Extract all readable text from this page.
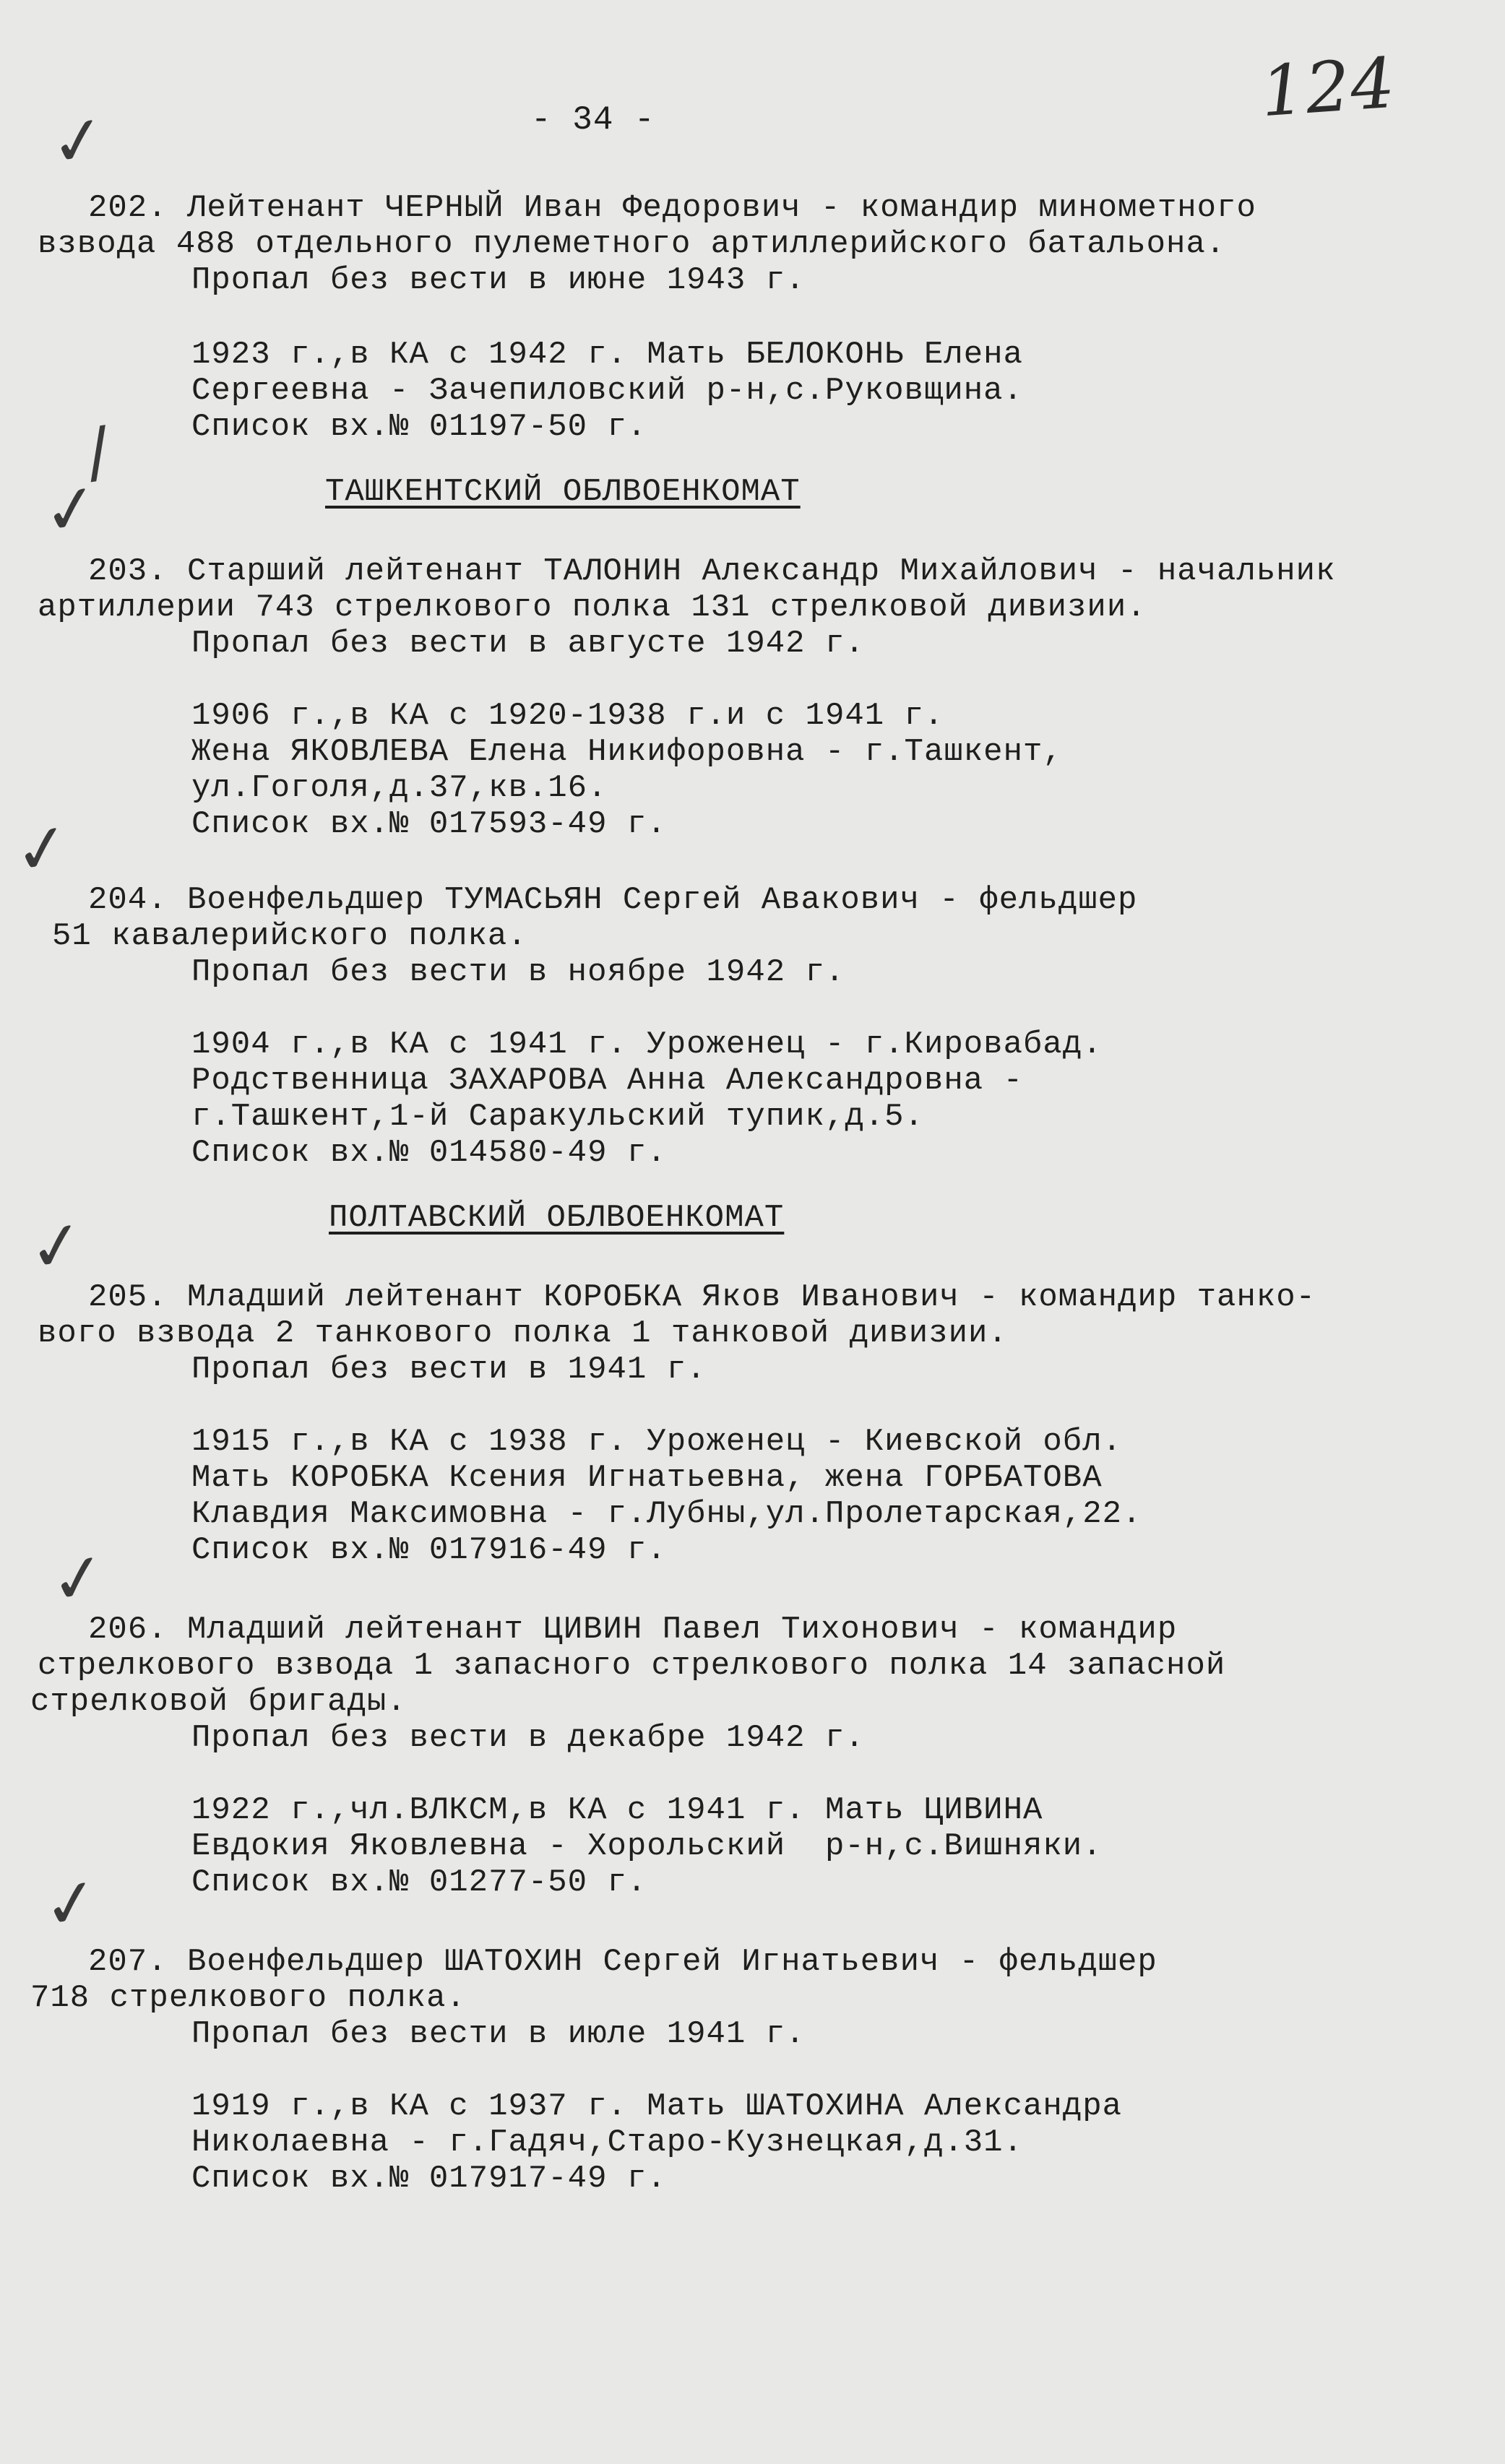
- 34 -	124
✓
/
✓
✓
✓
✓
✓
202. Лейтенант ЧЕРНЫЙ Иван Федорович - командир минометного
взвода 488 отдельного пулеметного артиллерийского батальона.
Пропал без вести в июне 1943 г.
1923 г.,в КА с 1942 г. Мать БЕЛОКОНЬ Елена
Сергеевна - Зачепиловский р-н,с.Руковщина.
Список вх.№ 01197-50 г.
ТАШКЕНТСКИЙ ОБЛВОЕНКОМАТ
203. Старший лейтенант ТАЛОНИН Александр Михайлович - начальник
артиллерии 743 стрелкового полка 131 стрелковой дивизии.
Пропал без вести в августе 1942 г.
1906 г.,в КА с 1920-1938 г.и с 1941 г.
Жена ЯКОВЛЕВА Елена Никифоровна - г.Ташкент,
ул.Гоголя,д.37,кв.16.
Список вх.№ 017593-49 г.
204. Военфельдшер ТУМАСЬЯН Сергей Авакович - фельдшер
51 кавалерийского полка.
Пропал без вести в ноябре 1942 г.
1904 г.,в КА с 1941 г. Уроженец - г.Кировабад.
Родственница ЗАХАРОВА Анна Александровна -
г.Ташкент,1-й Саракульский тупик,д.5.
Список вх.№ 014580-49 г.
ПОЛТАВСКИЙ ОБЛВОЕНКОМАТ
205. Младший лейтенант КОРОБКА Яков Иванович - командир танко-
вого взвода 2 танкового полка 1 танковой дивизии.
Пропал без вести в 1941 г.
1915 г.,в КА с 1938 г. Уроженец - Киевской обл.
Мать КОРОБКА Ксения Игнатьевна, жена ГОРБАТОВА
Клавдия Максимовна - г.Лубны,ул.Пролетарская,22.
Список вх.№ 017916-49 г.
206. Младший лейтенант ЦИВИН Павел Тихонович - командир
стрелкового взвода 1 запасного стрелкового полка 14 запасной
стрелковой бригады.
Пропал без вести в декабре 1942 г.
1922 г.,чл.ВЛКСМ,в КА с 1941 г. Мать ЦИВИНА
Евдокия Яковлевна - Хорольский  р-н,с.Вишняки.
Список вх.№ 01277-50 г.
207. Военфельдшер ШАТОХИН Сергей Игнатьевич - фельдшер
718 стрелкового полка.
Пропал без вести в июле 1941 г.
1919 г.,в КА с 1937 г. Мать ШАТОХИНА Александра
Николаевна - г.Гадяч,Старо-Кузнецкая,д.31.
Список вх.№ 017917-49 г.
